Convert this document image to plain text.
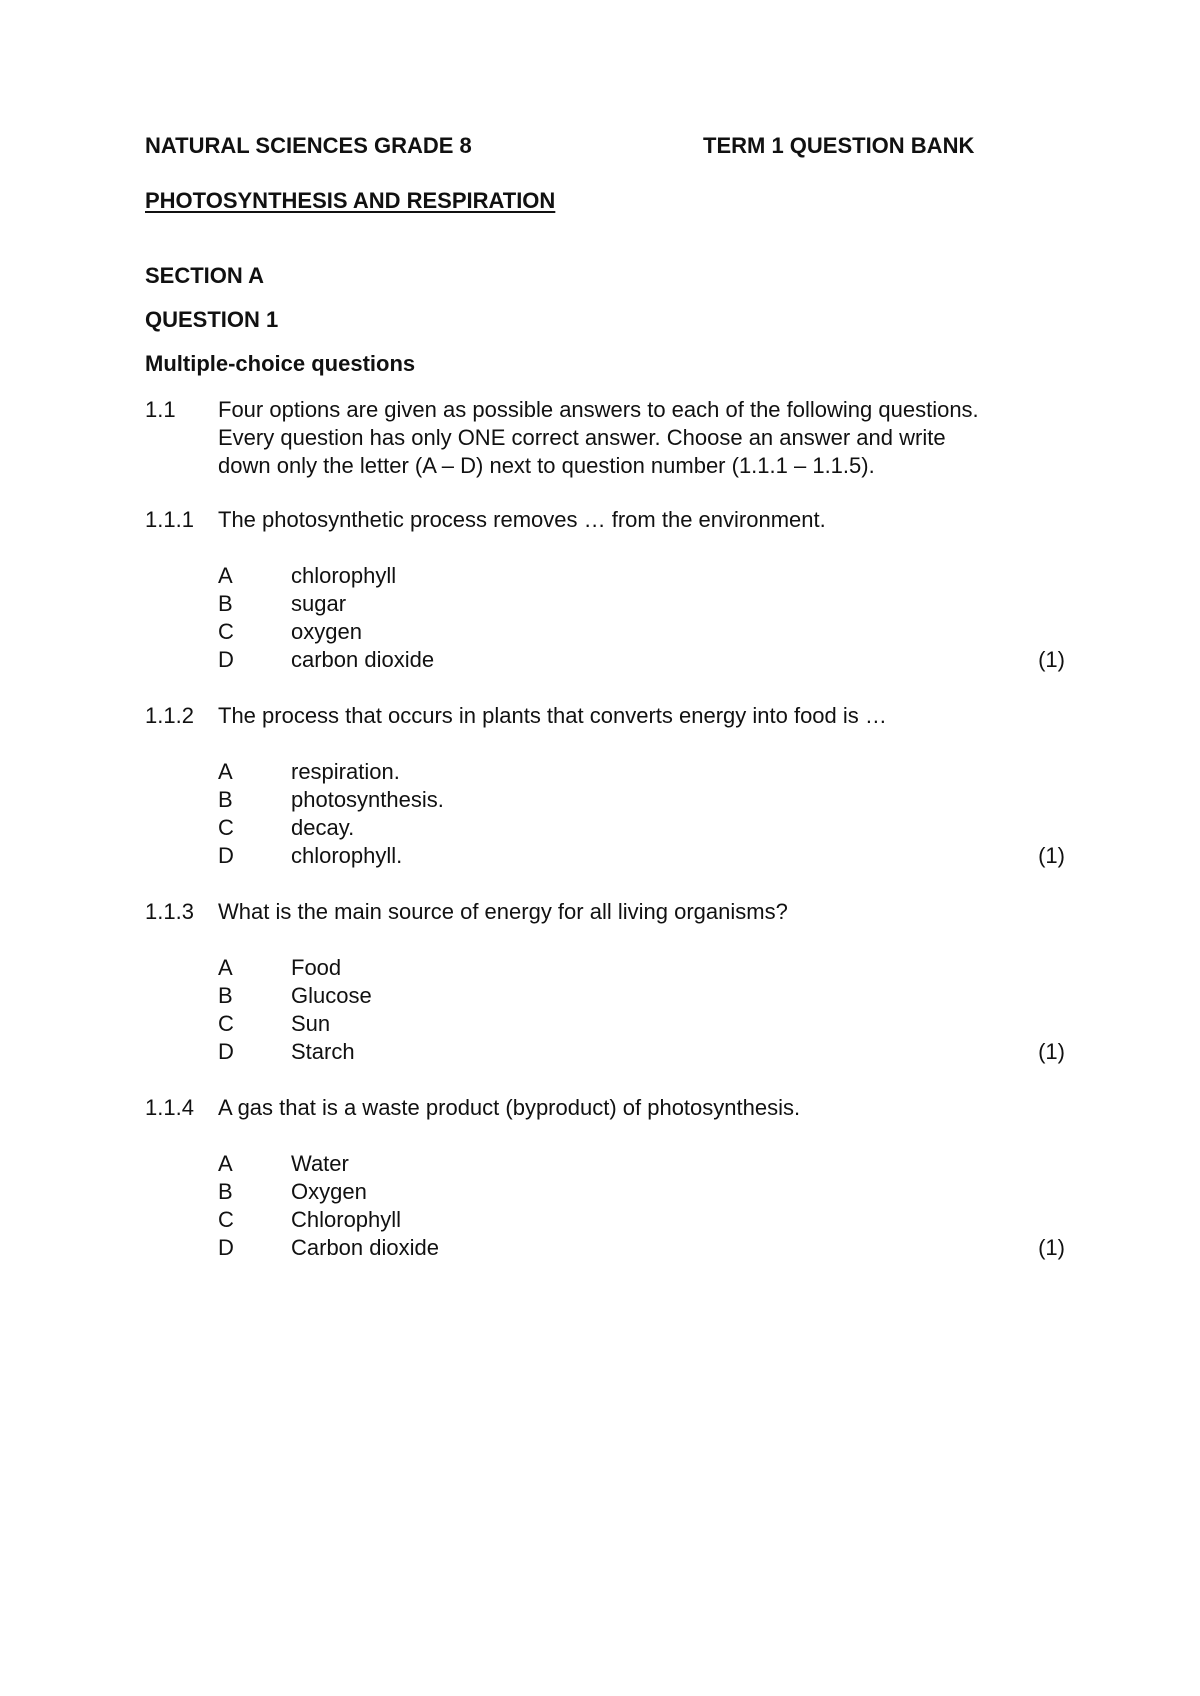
NATURAL SCIENCES GRADE 8	TERM 1 QUESTION BANK
PHOTOSYNTHESIS AND RESPIRATION
SECTION A
QUESTION 1
Multiple-choice questions
1.1 Four options are given as possible answers to each of the following questions.
Every question has only ONE correct answer. Choose an answer and write
down only the letter (A – D) next to question number (1.1.1 – 1.1.5).
1.1.1 The photosynthetic process removes … from the environment.
A	chlorophyll
B	sugar
C	oxygen
D	carbon dioxide	(1)
1.1.2 The process that occurs in plants that converts energy into food is …
A	respiration.
B	photosynthesis.
C	decay.
D	chlorophyll.	(1)
1.1.3 What is the main source of energy for all living organisms?
A	Food
B	Glucose
C	Sun
D	Starch	(1)
1.1.4 A gas that is a waste product (byproduct) of photosynthesis.
A	Water
B	Oxygen
C	Chlorophyll
D	Carbon dioxide	(1)
